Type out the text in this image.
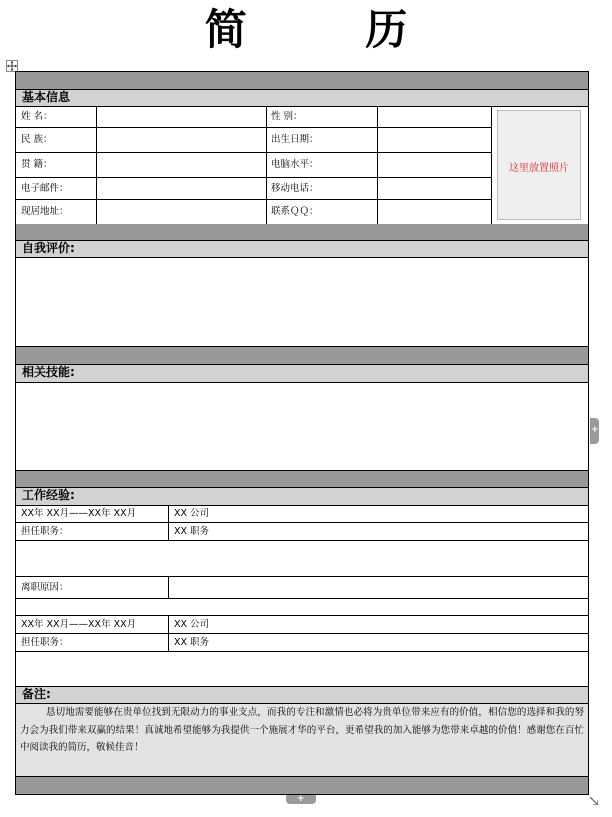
简 历
基本信息
姓 名：	性 别：
民 族：	出生日期：
贯 籍：	电脑水平：
电子邮件：	移动电话：
现居地址：	联系ＱＱ：
这里放置照片
自我评价:
相关技能:
工作经验:
XX年 XX月——XX年 XX月	XX 公司
担任职务：	XX 职务
离职原因：
XX年 XX月——XX年 XX月	XX 公司
担任职务：	XX 职务
备注:
恳切地需要能够在贵单位找到无限动力的事业支点，而我的专注和激情也必将为贵单位带来应有的价值，相信您的选择和我的努力会为我们带来双赢的结果！真诚地希望能够为我提供一个施展才华的平台，更希望我的加入能够为您带来卓越的价值！感谢您在百忙中阅读我的简历，敬候佳音！
+
+
